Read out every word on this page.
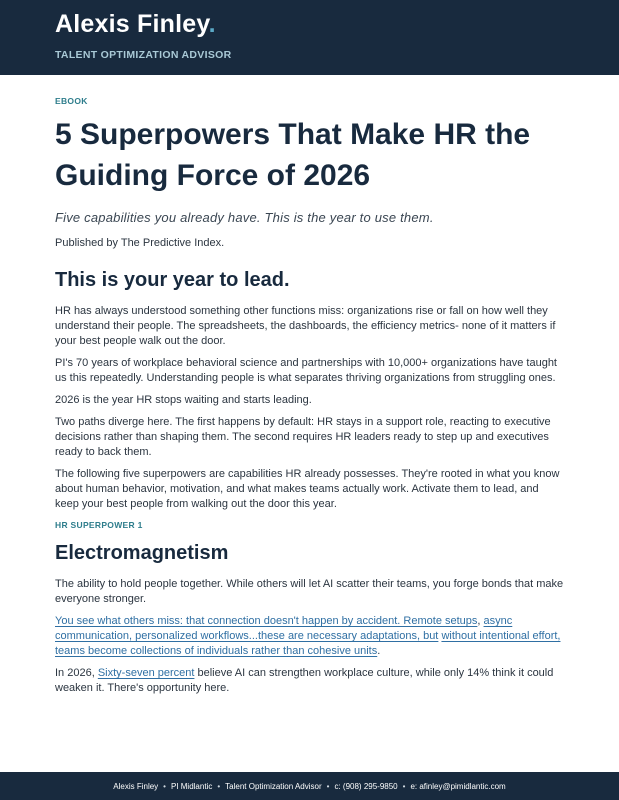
Alexis Finley.
TALENT OPTIMIZATION ADVISOR
EBOOK
5 Superpowers That Make HR the Guiding Force of 2026
Five capabilities you already have. This is the year to use them.
Published by The Predictive Index.
This is your year to lead.

HR has always understood something other functions miss: organizations rise or fall on how well they understand their people. The spreadsheets, the dashboards, the efficiency metrics- none of it matters if your best people walk out the door.

PI's 70 years of workplace behavioral science and partnerships with 10,000+ organizations have taught us this repeatedly. Understanding people is what separates thriving organizations from struggling ones.

2026 is the year HR stops waiting and starts leading.

Two paths diverge here. The first happens by default: HR stays in a support role, reacting to executive decisions rather than shaping them. The second requires HR leaders ready to step up and executives ready to back them.

The following five superpowers are capabilities HR already possesses. They're rooted in what you know about human behavior, motivation, and what makes teams actually work. Activate them to lead, and keep your best people from walking out the door this year.

HR SUPERPOWER 1
Electromagnetism

The ability to hold people together. While others will let AI scatter their teams, you forge bonds that make everyone stronger.

You see what others miss: that connection doesn't happen by accident. Remote setups, async communication, personalized workflows...these are necessary adaptations, but without intentional effort, teams become collections of individuals rather than cohesive units.

In 2026, Sixty-seven percent believe AI can strengthen workplace culture, while only 14% think it could weaken it. There's opportunity here.

Alexis Finley • PI Midlantic • Talent Optimization Advisor • c: (908) 295-9850 • e: afinley@pimidlantic.com
